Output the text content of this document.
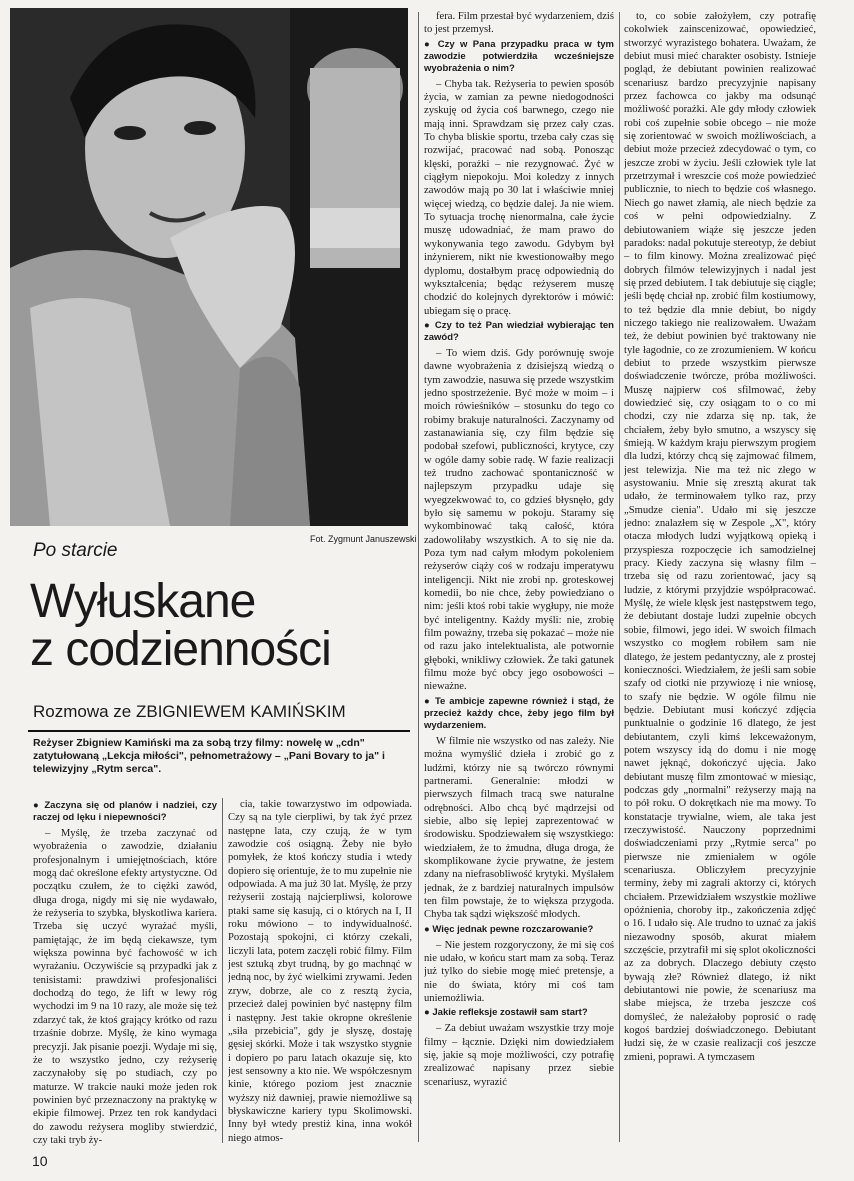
Fot. Zygmunt Januszewski
Po starcie
Wyłuskane
z codzienności
Rozmowa ze ZBIGNIEWEM KAMIŃSKIM
Reżyser Zbigniew Kamiński ma za sobą trzy filmy: nowelę w „cdn" zatytułowaną „Lekcja miłości", pełnometrażowy – „Pani Bovary to ja" i telewizyjny „Rytm serca".

● Zaczyna się od planów i nadziei, czy raczej od lęku i niepewności?

– Myślę, że trzeba zaczynać od wyobrażenia o zawodzie, działaniu profesjonalnym i umiejętnościach, które mogą dać określone efekty artystyczne. Od początku czułem, że to ciężki zawód, długa droga, nigdy mi się nie wydawało, że reżyseria to szybka, błyskotliwa kariera. Trzeba się uczyć wyrażać myśli, pamiętając, że im będą ciekawsze, tym większa powinna być fachowość w ich wyrażaniu. Oczywiście są przypadki jak z tenisistami: prawdziwi profesjonaliści dochodzą do tego, że lift w lewy róg wychodzi im 9 na 10 razy, ale może się też zdarzyć tak, że ktoś grający krótko od razu trzaśnie dobrze. Myślę, że kino wymaga precyzji. Jak pisanie poezji. Wydaje mi się, że to wszystko jedno, czy reżyserię zaczynałoby się po studiach, czy po maturze. W trakcie nauki może jeden rok powinien być przeznaczony na praktykę w ekipie filmowej. Przez ten rok kandydaci do zawodu reżysera mogliby stwierdzić, czy taki tryb ży-

cia, takie towarzystwo im odpowiada. Czy są na tyle cierpliwi, by tak żyć przez następne lata, czy czują, że w tym zawodzie coś osiągną. Żeby nie było pomyłek, że ktoś kończy studia i wtedy dopiero się orientuje, że to mu zupełnie nie odpowiada. A ma już 30 lat. Myślę, że przy reżyserii zostają najcierpliwsi, kolorowe ptaki same się kasują, ci o których na I, II roku mówiono – to indywidualność. Pozostają spokojni, ci którzy czekali, liczyli lata, potem zaczęli robić filmy. Film jest sztuką zbyt trudną, by go machnąć w jedną noc, by żyć wielkimi zrywami. Jeden zryw, dobrze, ale co z resztą życia, przecież dalej powinien być następny film i następny. Jest takie okropne określenie „siła przebicia", gdy je słyszę, dostaję gęsiej skórki. Może i tak wszystko stygnie i dopiero po paru latach okazuje się, kto jest sensowny a kto nie. We współczesnym kinie, którego poziom jest znacznie wyższy niż dawniej, prawie niemożliwe są błyskawiczne kariery typu Skolimowski. Inny był wtedy prestiż kina, inna wokół niego atmos-

fera. Film przestał być wydarzeniem, dziś to jest przemysł.

● Czy w Pana przypadku praca w tym zawodzie potwierdziła wcześniejsze wyobrażenia o nim?

– Chyba tak. Reżyseria to pewien sposób życia, w zamian za pewne niedogodności zyskuję od życia coś barwnego, czego nie mają inni. Sprawdzam się przez cały czas. To chyba bliskie sportu, trzeba cały czas się rozwijać, pracować nad sobą. Ponosząc klęski, porażki – nie rezygnować. Żyć w ciągłym niepokoju. Moi koledzy z innych zawodów mają po 30 lat i właściwie mniej więcej wiedzą, co będzie dalej. Ja nie wiem. To sytuacja trochę nienormalna, całe życie muszę udowadniać, że mam prawo do wykonywania tego zawodu. Gdybym był inżynierem, nikt nie kwestionowałby mego dyplomu, dostałbym pracę odpowiednią do wykształcenia; będąc reżyserem muszę chodzić do kolejnych dyrektorów i mówić: ubiegam się o pracę.

● Czy to też Pan wiedział wybierając ten zawód?

– To wiem dziś. Gdy porównuję swoje dawne wyobrażenia z dzisiejszą wiedzą o tym zawodzie, nasuwa się przede wszystkim jedno spostrzeżenie. Być może w moim – i moich rówieśników – stosunku do tego co robimy brakuje naturalności. Zaczynamy od zastanawiania się, czy film będzie się podobał szefowi, publiczności, krytyce, czy w ogóle damy sobie radę. W fazie realizacji też trudno zachować spontaniczność w najlepszym przypadku udaje się wyegzekwować to, co gdzieś błysnęło, gdy było się samemu w pokoju. Staramy się wykombinować taką całość, która zadowoliłaby wszystkich. A to się nie da. Poza tym nad całym młodym pokoleniem reżyserów ciąży coś w rodzaju imperatywu inteligencji. Nikt nie zrobi np. groteskowej komedii, bo nie chce, żeby powiedziano o nim: jeśli ktoś robi takie wygłupy, nie może być inteligentny. Każdy myśli: nie, zrobię film poważny, trzeba się pokazać – może nie od razu jako intelektualista, ale potwornie głęboki, wnikliwy człowiek. Że taki gatunek filmu może być obcy jego osobowości – nieważne.

● Te ambicje zapewne również i stąd, że przecież każdy chce, żeby jego film był wydarzeniem.

W filmie nie wszystko od nas zależy. Nie można wymyślić dzieła i zrobić go z ludźmi, którzy nie są twórczo równymi partnerami. Generalnie: młodzi w pierwszych filmach tracą swe naturalne odrębności. Albo chcą być mądrzejsi od siebie, albo się lepiej zaprezentować w środowisku. Spodziewałem się wszystkiego: wiedziałem, że to żmudna, długa droga, że skomplikowane życie prywatne, że jestem zdany na niefrasobliwość krytyki. Myślałem jednak, że z bardziej naturalnych impulsów ten film powstaje, że to większa przygoda. Chyba tak sądzi większość młodych.

● Więc jednak pewne rozczarowanie?

– Nie jestem rozgoryczony, że mi się coś nie udało, w końcu start mam za sobą. Teraz już tylko do siebie mogę mieć pretensje, a nie do świata, który mi coś tam uniemożliwia.

● Jakie refleksje zostawił sam start?

– Za debiut uważam wszystkie trzy moje filmy – łącznie. Dzięki nim dowiedziałem się, jakie są moje możliwości, czy potrafię zrealizować napisany przez siebie scenariusz, wyrazić

to, co sobie założyłem, czy potrafię cokolwiek zainscenizować, opowiedzieć, stworzyć wyrazistego bohatera. Uważam, że debiut musi mieć charakter osobisty. Istnieje pogląd, że debiutant powinien realizować scenariusz bardzo precyzyjnie napisany przez fachowca co jakby ma odsunąć możliwość porażki. Ale gdy młody człowiek robi coś zupełnie sobie obcego – nie może się zorientować w swoich możliwościach, a debiut może przecież zdecydować o tym, co jeszcze zrobi w życiu. Jeśli człowiek tyle lat przetrzymał i wreszcie coś może powiedzieć publicznie, to niech to będzie coś własnego. Niech go nawet złamią, ale niech będzie za coś w pełni odpowiedzialny. Z debiutowaniem wiąże się jeszcze jeden paradoks: nadal pokutuje stereotyp, że debiut – to film kinowy. Można zrealizować pięć dobrych filmów telewizyjnych i nadal jest się przed debiutem. I tak debiutuje się ciągle; jeśli będę chciał np. zrobić film kostiumowy, to też będzie dla mnie debiut, bo nigdy niczego takiego nie realizowałem. Uważam też, że debiut powinien być traktowany nie tyle łagodnie, co ze zrozumieniem. W końcu debiut to przede wszystkim pierwsze doświadczenie twórcze, próba możliwości. Muszę najpierw coś sfilmować, żeby dowiedzieć się, czy osiągam to o co mi chodzi, czy nie zdarza się np. tak, że chciałem, żeby było smutno, a wszyscy się śmieją. W każdym kraju pierwszym progiem dla ludzi, którzy chcą się zajmować filmem, jest telewizja. Nie ma też nic złego w asystowaniu. Mnie się zresztą akurat tak udało, że terminowałem tylko raz, przy „Smudze cienia". Udało mi się jeszcze jedno: znalazłem się w Zespole „X", który otacza młodych ludzi wyjątkową opieką i przyspiesza rozpoczęcie ich samodzielnej pracy. Kiedy zaczyna się własny film – trzeba się od razu zorientować, jacy są ludzie, z którymi przyjdzie współpracować. Myślę, że wiele klęsk jest następstwem tego, że debiutant dostaje ludzi zupełnie obcych sobie, filmowi, jego idei. W swoich filmach wszystko co mogłem robiłem sam nie dlatego, że jestem pedantyczny, ale z prostej konieczności. Wiedziałem, że jeśli sam sobie szafy od ciotki nie przywiozę i nie wniosę, to szafy nie będzie. W ogóle filmu nie będzie. Debiutant musi kończyć zdjęcia punktualnie o godzinie 16 dlatego, że jest debiutantem, czyli kimś lekceważonym, potem wszyscy idą do domu i nie mogę nawet jęknąć, dokończyć ujęcia. Jako debiutant muszę film zmontować w miesiąc, podczas gdy „normalni" reżyserzy mają na to pół roku. O dokrętkach nie ma mowy. To konstatacje trywialne, wiem, ale taka jest rzeczywistość. Nauczony poprzednimi doświadczeniami przy „Rytmie serca" po pierwsze nie zmieniałem w ogóle scenariusza. Obliczyłem precyzyjnie terminy, żeby mi zagrali aktorzy ci, których chciałem. Przewidziałem wszystkie możliwe opóźnienia, choroby itp., zakończenia zdjęć o 16. I udało się. Ale trudno to uznać za jakiś niezawodny sposób, akurat miałem szczęście, przytrafił mi się splot okoliczności az za dobrych. Dlaczego debiuty często bywają złe? Również dlatego, iż nikt debiutantowi nie powie, że scenariusz ma słabe miejsca, że trzeba jeszcze coś domyśleć, że należałoby poprosić o radę kogoś bardziej doświadczonego. Debiutant łudzi się, że w czasie realizacji coś jeszcze zmieni, poprawi. A tymczasem

10
